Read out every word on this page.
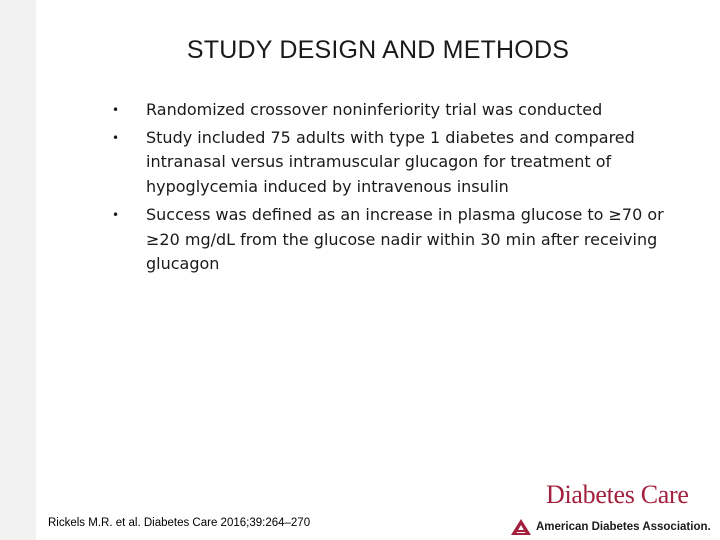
STUDY DESIGN AND METHODS
• Randomized crossover noninferiority trial was conducted
• Study included 75 adults with type 1 diabetes and compared intranasal versus intramuscular glucagon for treatment of hypoglycemia induced by intravenous insulin
• Success was defined as an increase in plasma glucose to ≥70 or ≥20 mg/dL from the glucose nadir within 30 min after receiving glucagon
Rickels M.R. et al. Diabetes Care 2016;39:264–270
Diabetes Care
American Diabetes Association.
